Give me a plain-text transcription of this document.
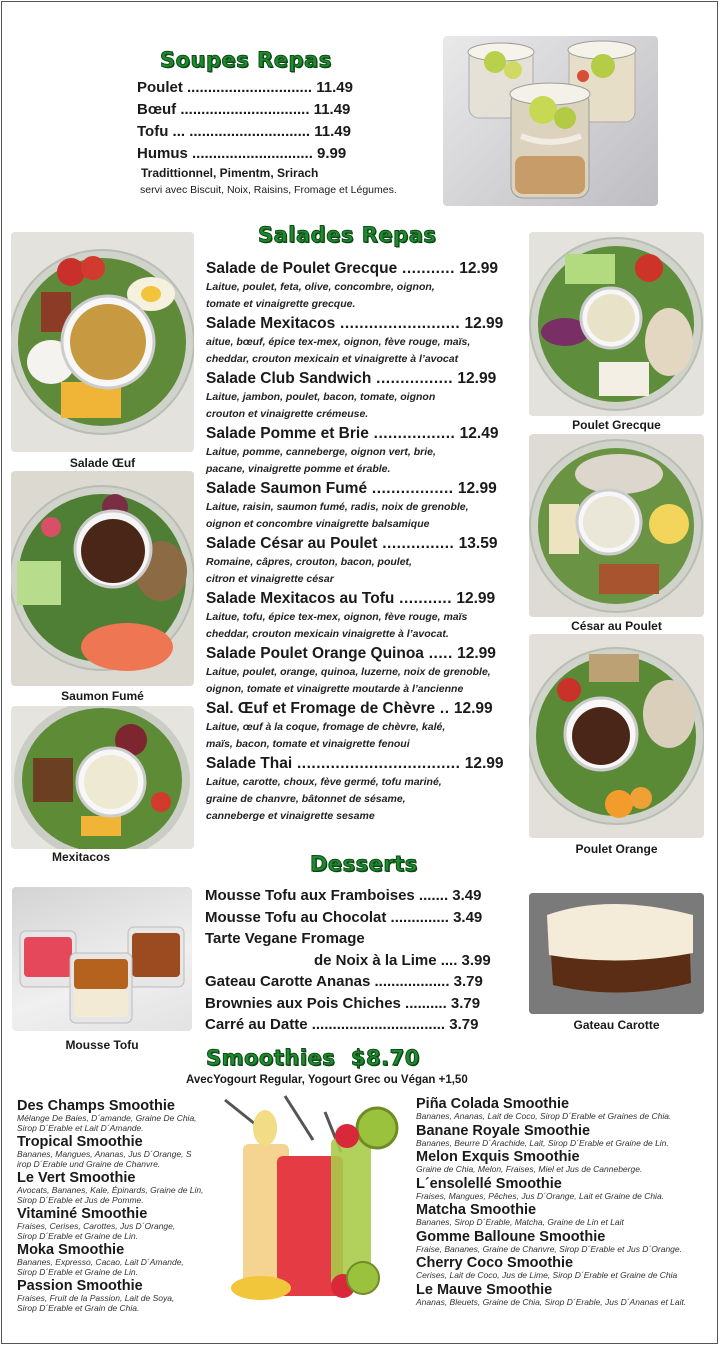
Soupes Repas
Poulet .............................. 11.49
Bœuf ............................... 11.49
Tofu ... ............................. 11.49
Humus ............................. 9.99
Tradittionnel, Pimentm, Srirach
servi avec Biscuit, Noix, Raisins, Fromage et Légumes.
Salades Repas
Salade de Poulet Grecque ........... 12.99
Laitue, poulet, feta, olive, concombre, oignon, tomate et vinaigrette grecque.
Salade Mexitacos ......................... 12.99
aitue, bœuf, épice tex-mex, oignon, fève rouge, maïs, cheddar, crouton mexicain et vinaigrette à l’avocat
Salade Club Sandwich ................ 12.99
Laitue, jambon, poulet, bacon, tomate, oignon crouton et vinaigrette crémeuse.
Salade Pomme et Brie ................. 12.49
Laitue, pomme, canneberge, oignon vert, brie, pacane, vinaigrette pomme et érable.
Salade Saumon Fumé ................. 12.99
Laitue, raisin, saumon fumé, radis, noix de grenoble, oignon et concombre vinaigrette balsamique
Salade César au Poulet ............... 13.59
Romaine, câpres, crouton, bacon, poulet, citron et vinaigrette césar
Salade Mexitacos au Tofu ........... 12.99
Laitue, tofu, épice tex-mex, oignon, fève rouge, maïs cheddar, crouton mexicain vinaigrette à l’avocat.
Salade Poulet Orange Quinoa ..... 12.99
Laitue, poulet, orange, quinoa, luzerne, noix de grenoble, oignon, tomate et vinaigrette moutarde à l’ancienne
Sal. Œuf et Fromage de Chèvre .. 12.99
Laitue, œuf à la coque, fromage de chèvre, kalé, maïs, bacon, tomate et vinaigrette fenoui
Salade Thai .................................. 12.99
Laitue, carotte, choux, fève germé, tofu mariné, graine de chanvre, bâtonnet de sésame, canneberge et vinaigrette sesame
Salade Œuf
Saumon Fumé
Mexitacos
Poulet Grecque
César au Poulet
Poulet Orange
Desserts
Mousse Tofu
Mousse Tofu aux Framboises ....... 3.49
Mousse Tofu au Chocolat .............. 3.49
Tarte Vegane Fromage
de Noix à la Lime .... 3.99
Gateau Carotte Ananas .................. 3.79
Brownies aux Pois Chiches .......... 3.79
Carré au Datte ................................ 3.79	Gateau Carotte
Smoothies  $8.70
AvecYogourt Regular, Yogourt Grec ou Végan +1,50
Des Champs Smoothie
Mélange De Baies, D´amande, Graine De Chia, Sirop D´Erable et Lait D´Amande.
Tropical Smoothie
Bananes, Mangues, Ananas, Jus D´Orange, S irop D´Erable und Graine de Chanvre.
Le Vert Smoothie
Avocats, Bananes, Kale, Épinards, Graine de Lin, Sirop D´Erable et Jus de Pomme.
Vitaminé Smoothie
Fraises, Cerises, Carottes, Jus D´Orange, Sirop D´Erable et Graine de Lin.
Moka Smoothie
Bananes, Expresso, Cacao, Lait D´Amande, Sirop D´Erable et Graine de Lin.
Passion Smoothie
Fraises, Fruit de la Passion, Lait de Soya, Sirop D´Erable et Grain de Chia.
Piña Colada Smoothie
Bananes, Ananas, Lait de Coco, Sirop D´Erable et Graines de Chia.
Banane Royale Smoothie
Bananes, Beurre D´Arachide, Lait, Sirop D´Erable et Graine de Lin.
Melon Exquis Smoothie
Graine de Chia, Melon, Fraises, Miel et Jus de Canneberge.
L´ensolellé Smoothie
Fraises, Mangues, Pêches, Jus D´Orange, Lait et Graine de Chia.
Matcha Smoothie
Bananes, Sirop D´Erable, Matcha, Graine de Lin et Lait
Gomme Balloune Smoothie
Fraise, Bananes, Graine de Chanvre, Sirop D´Erable et Jus D´Orange.
Cherry Coco Smoothie
Cerises, Lait de Coco, Jus de Lime, Sirop D´Erable et Graine de Chia
Le Mauve Smoothie
Ananas, Bleuets, Graine de Chia, Sirop D´Erable, Jus D´Ananas et Lait.
